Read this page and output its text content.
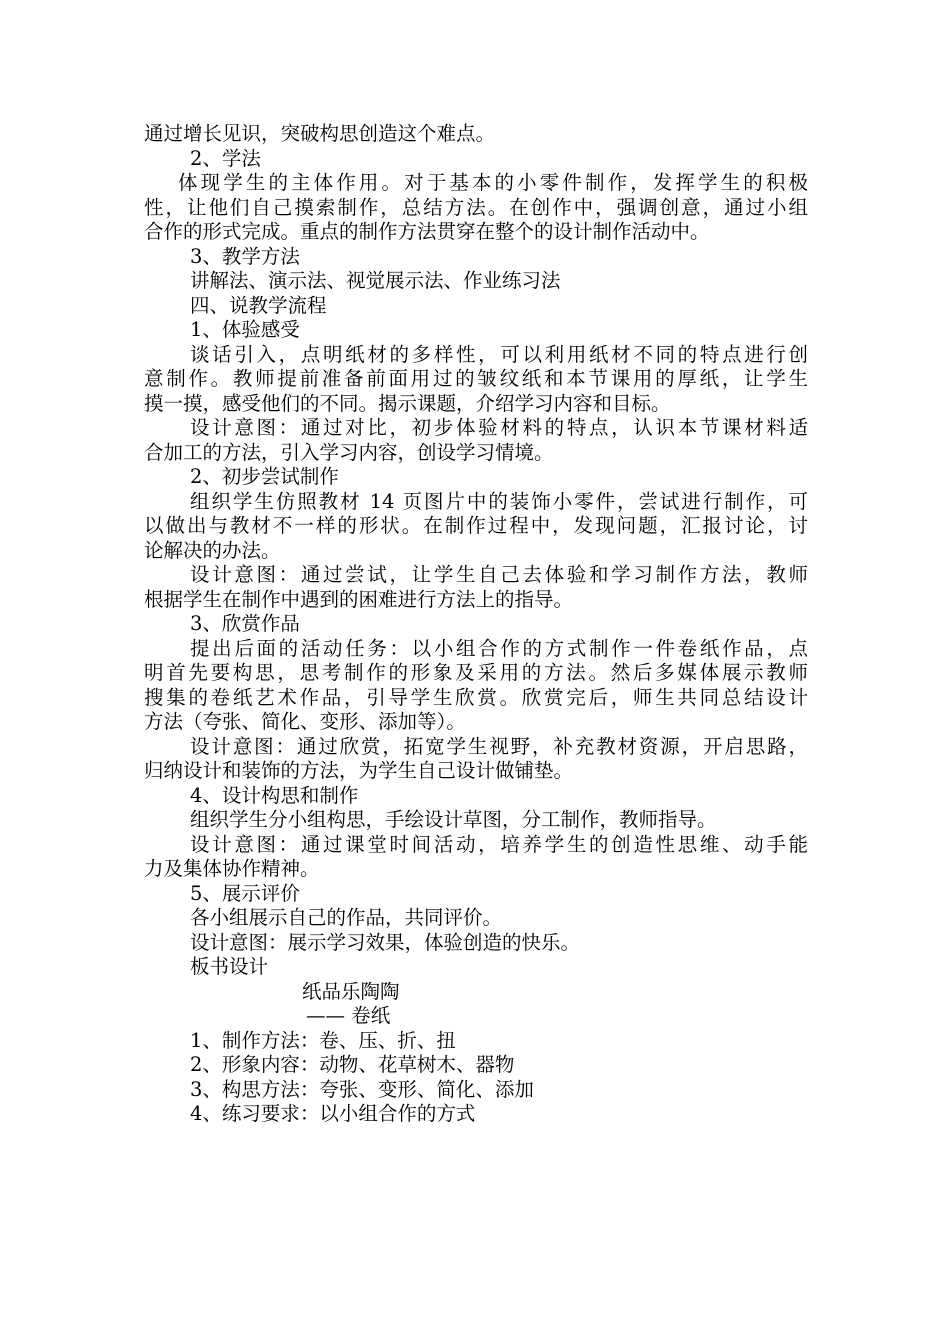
通过增长见识，突破构思创造这个难点。
2、学法
体现学生的主体作用。对于基本的小零件制作，发挥学生的积极
性，让他们自己摸索制作，总结方法。在创作中，强调创意，通过小组
合作的形式完成。重点的制作方法贯穿在整个的设计制作活动中。
3、教学方法
讲解法、演示法、视觉展示法、作业练习法
四、说教学流程
1、体验感受
谈话引入，点明纸材的多样性，可以利用纸材不同的特点进行创
意制作。教师提前准备前面用过的皱纹纸和本节课用的厚纸，让学生
摸一摸，感受他们的不同。揭示课题，介绍学习内容和目标。
设计意图：通过对比，初步体验材料的特点，认识本节课材料适
合加工的方法，引入学习内容，创设学习情境。
2、初步尝试制作
组织学生仿照教材 14 页图片中的装饰小零件，尝试进行制作，可
以做出与教材不一样的形状。在制作过程中，发现问题，汇报讨论，讨
论解决的办法。
设计意图：通过尝试，让学生自己去体验和学习制作方法，教师
根据学生在制作中遇到的困难进行方法上的指导。
3、欣赏作品
提出后面的活动任务：以小组合作的方式制作一件卷纸作品，点
明首先要构思，思考制作的形象及采用的方法。然后多媒体展示教师
搜集的卷纸艺术作品，引导学生欣赏。欣赏完后，师生共同总结设计
方法（夸张、简化、变形、添加等）。
设计意图：通过欣赏，拓宽学生视野，补充教材资源，开启思路，
归纳设计和装饰的方法，为学生自己设计做铺垫。
4、设计构思和制作
组织学生分小组构思，手绘设计草图，分工制作，教师指导。
设计意图：通过课堂时间活动，培养学生的创造性思维、动手能
力及集体协作精神。
5、展示评价
各小组展示自己的作品，共同评价。
设计意图：展示学习效果，体验创造的快乐。
板书设计
纸品乐陶陶
—— 卷纸
1、制作方法：卷、压、折、扭
2、形象内容：动物、花草树木、器物
3、构思方法：夸张、变形、简化、添加
4、练习要求：以小组合作的方式
